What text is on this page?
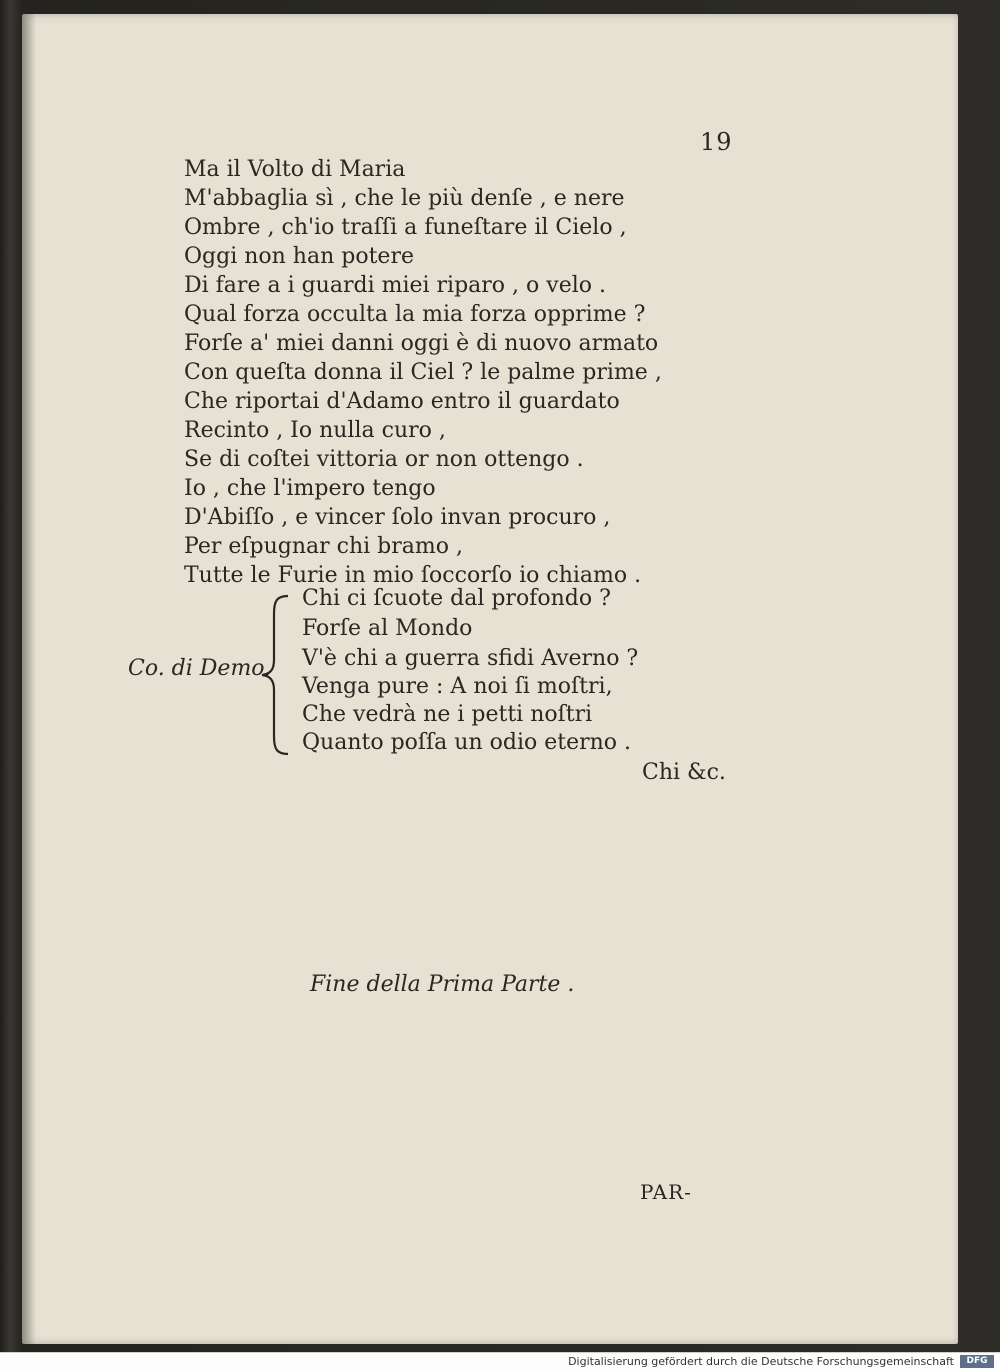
19
Ma il Volto di Maria
M'abbaglia sì , che le più denſe , e nere
Ombre , ch'io traſſi a funeſtare il Cielo ,
Oggi non han potere
Di fare a i guardi miei riparo , o velo .
Qual forza occulta la mia forza opprime ?
Forſe a' miei danni oggi è di nuovo armato
Con queſta donna il Ciel ? le palme prime ,
Che riportai d'Adamo entro il guardato
Recinto , Io nulla curo ,
Se di coſtei vittoria or non ottengo .
Io , che l'impero tengo
D'Abiſſo , e vincer ſolo invan procuro ,
Per eſpugnar chi bramo ,
Tutte le Furie in mio ſoccorſo io chiamo .
Co. di Demo.
Chi ci ſcuote dal profondo ?
Forſe al Mondo
V'è chi a guerra sfidi Averno ?
Venga pure : A noi ſi moſtri,
Che vedrà ne i petti noſtri
Quanto poſſa un odio eterno .
Chi &c.
Fine della Prima Parte .
PAR-
Digitalisierung gefördert durch die Deutsche Forschungsgemeinschaft	DFG
